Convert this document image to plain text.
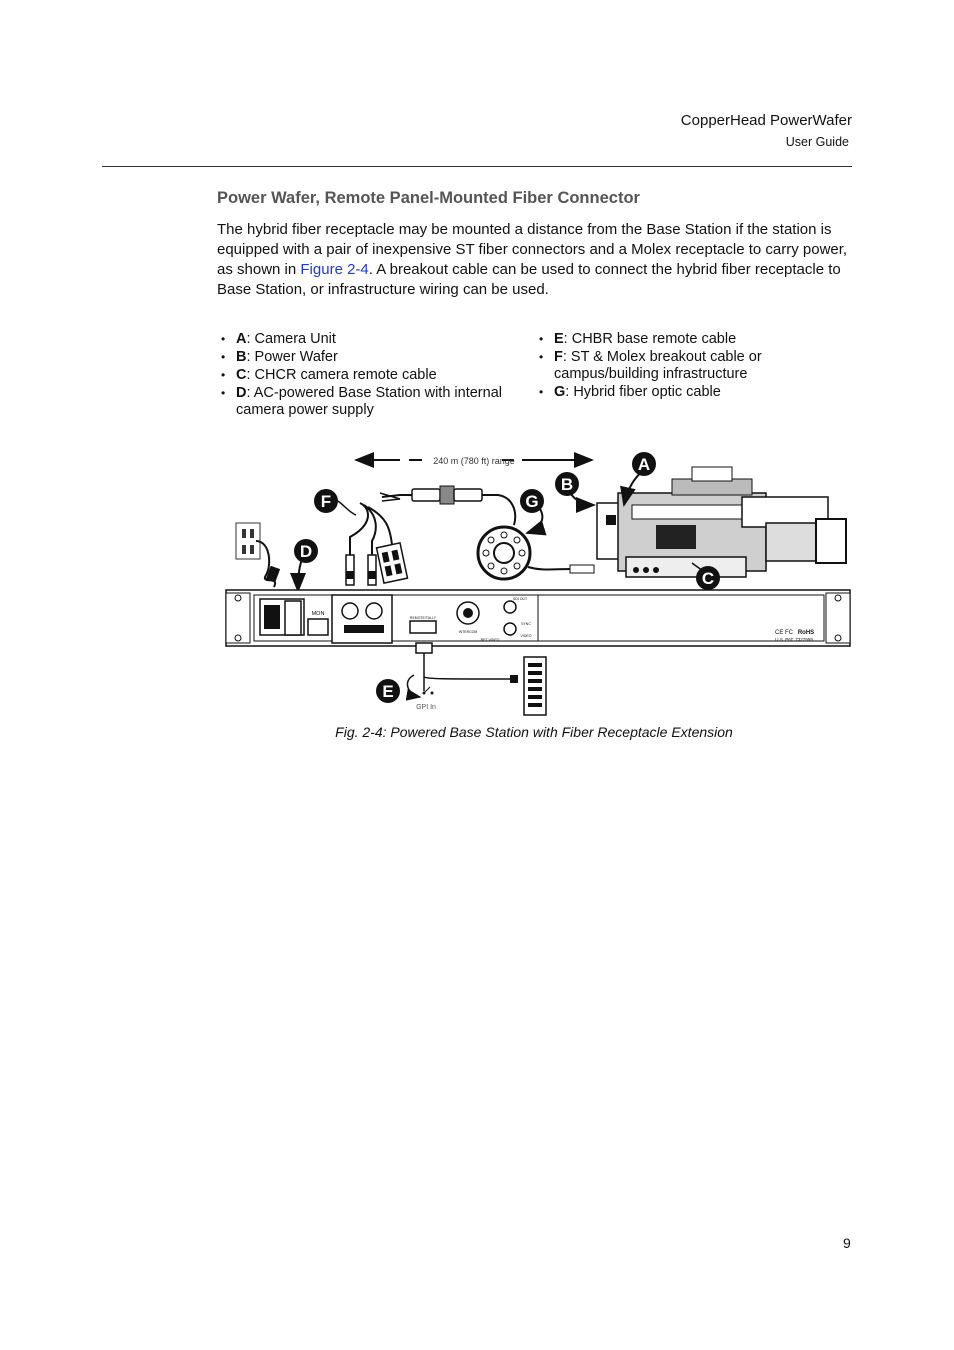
CopperHead PowerWafer
User Guide
Power Wafer, Remote Panel-Mounted Fiber Connector

The hybrid fiber receptacle may be mounted a distance from the Base Station if the station is equipped with a pair of inexpensive ST fiber connectors and a Molex receptacle to carry power, as shown in Figure 2-4. A breakout cable can be used to connect the hybrid fiber receptacle to Base Station, or infrastructure wiring can be used.

• A: Camera Unit
• B: Power Wafer
• C: CHCR camera remote cable
• D: AC-powered Base Station with internal camera power supply
• E: CHBR base remote cable
• F: ST & Molex breakout cable or campus/building infrastructure
• G: Hybrid fiber optic cable
240 m (780 ft) range
MON
REMOTE/TALLY
INTERCOM
SDI OUT
SYNC
VIDEO
RET VIDEO
CE FC RoHS
U.S. PAT. 7327959
GPI In
A
B
C
D
E
F	G
Fig. 2-4: Powered Base Station with Fiber Receptacle Extension
9
